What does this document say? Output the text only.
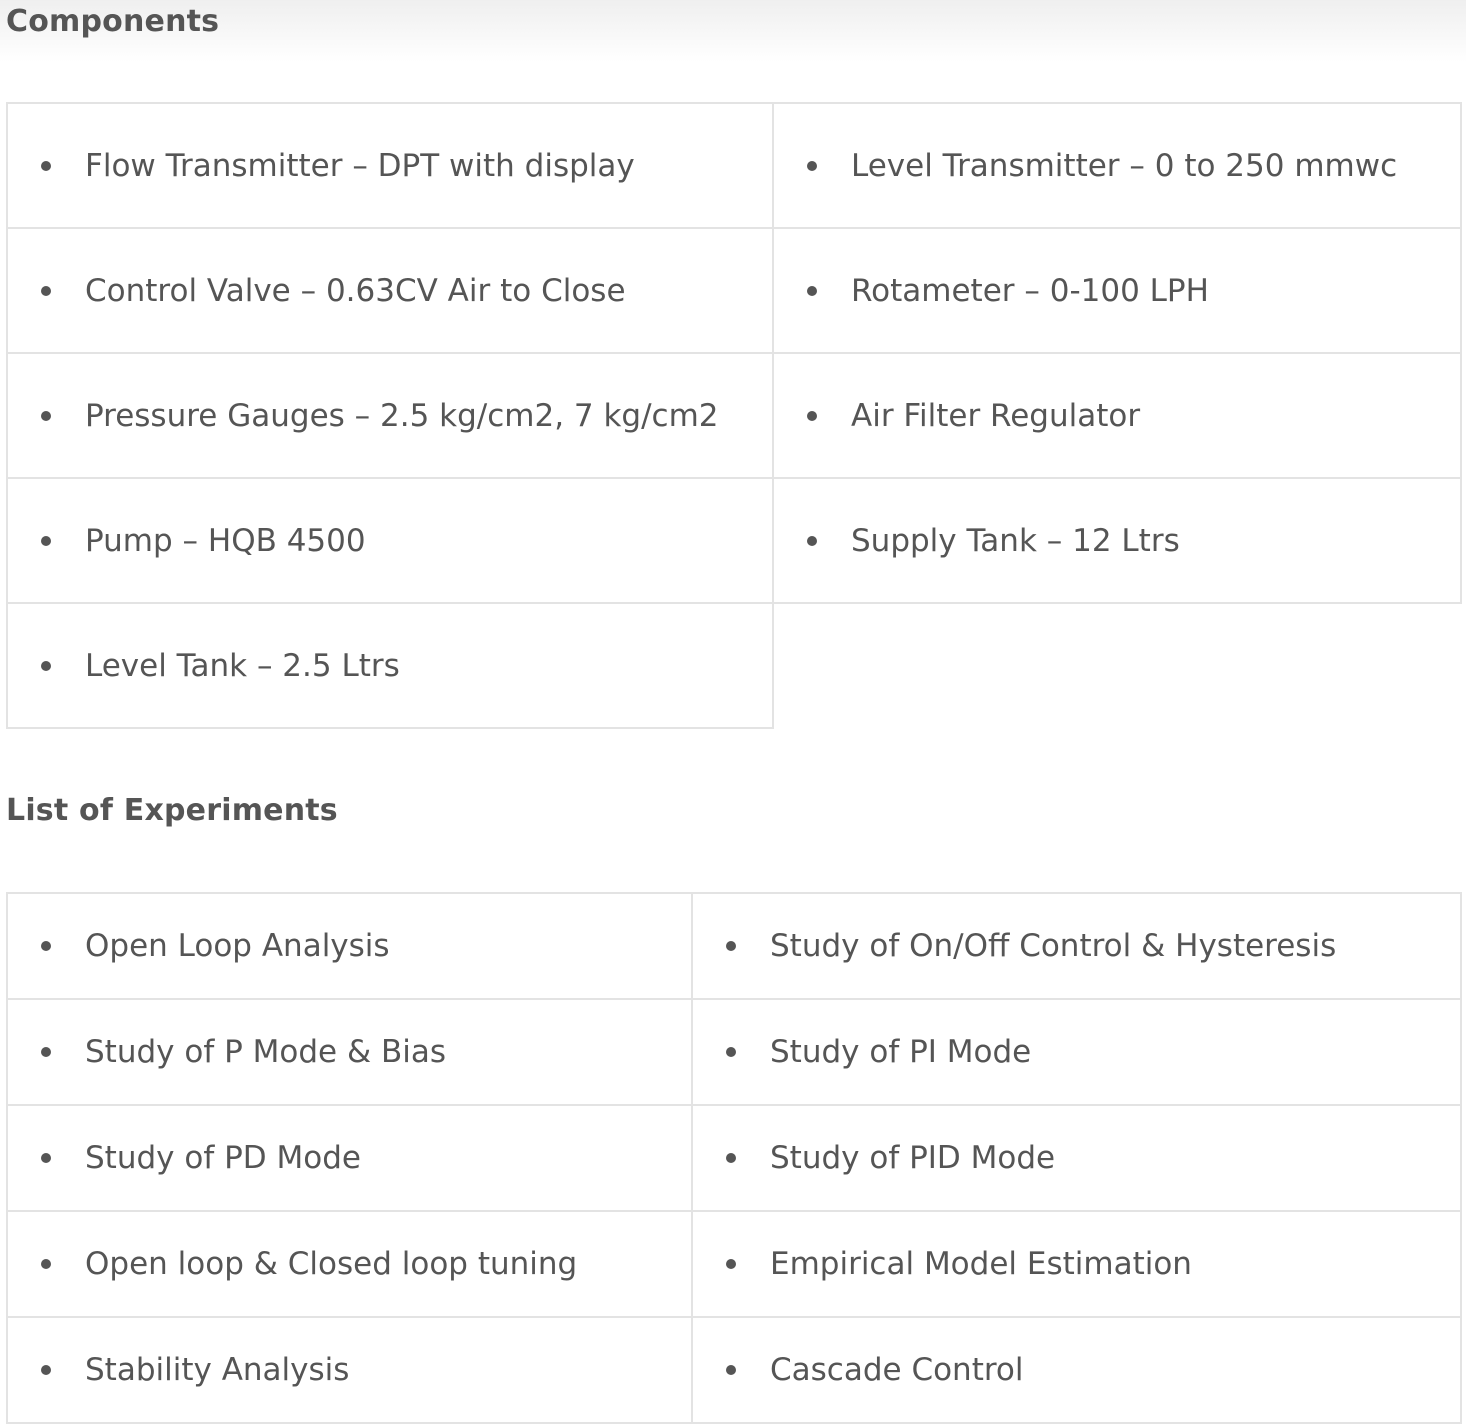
Components
Flow Transmitter – DPT with display	Level Transmitter – 0 to 250 mmwc

Control Valve – 0.63CV Air to Close	Rotameter – 0-100 LPH

Pressure Gauges – 2.5 kg/cm2, 7 kg/cm2	Air Filter Regulator

Pump – HQB 4500	Supply Tank – 12 Ltrs

Level Tank – 2.5 Ltrs	

List of Experiments
Open Loop Analysis	Study of On/Off Control & Hysteresis

Study of P Mode & Bias	Study of PI Mode

Study of PD Mode	Study of PID Mode

Open loop & Closed loop tuning	Empirical Model Estimation

Stability Analysis	Cascade Control
